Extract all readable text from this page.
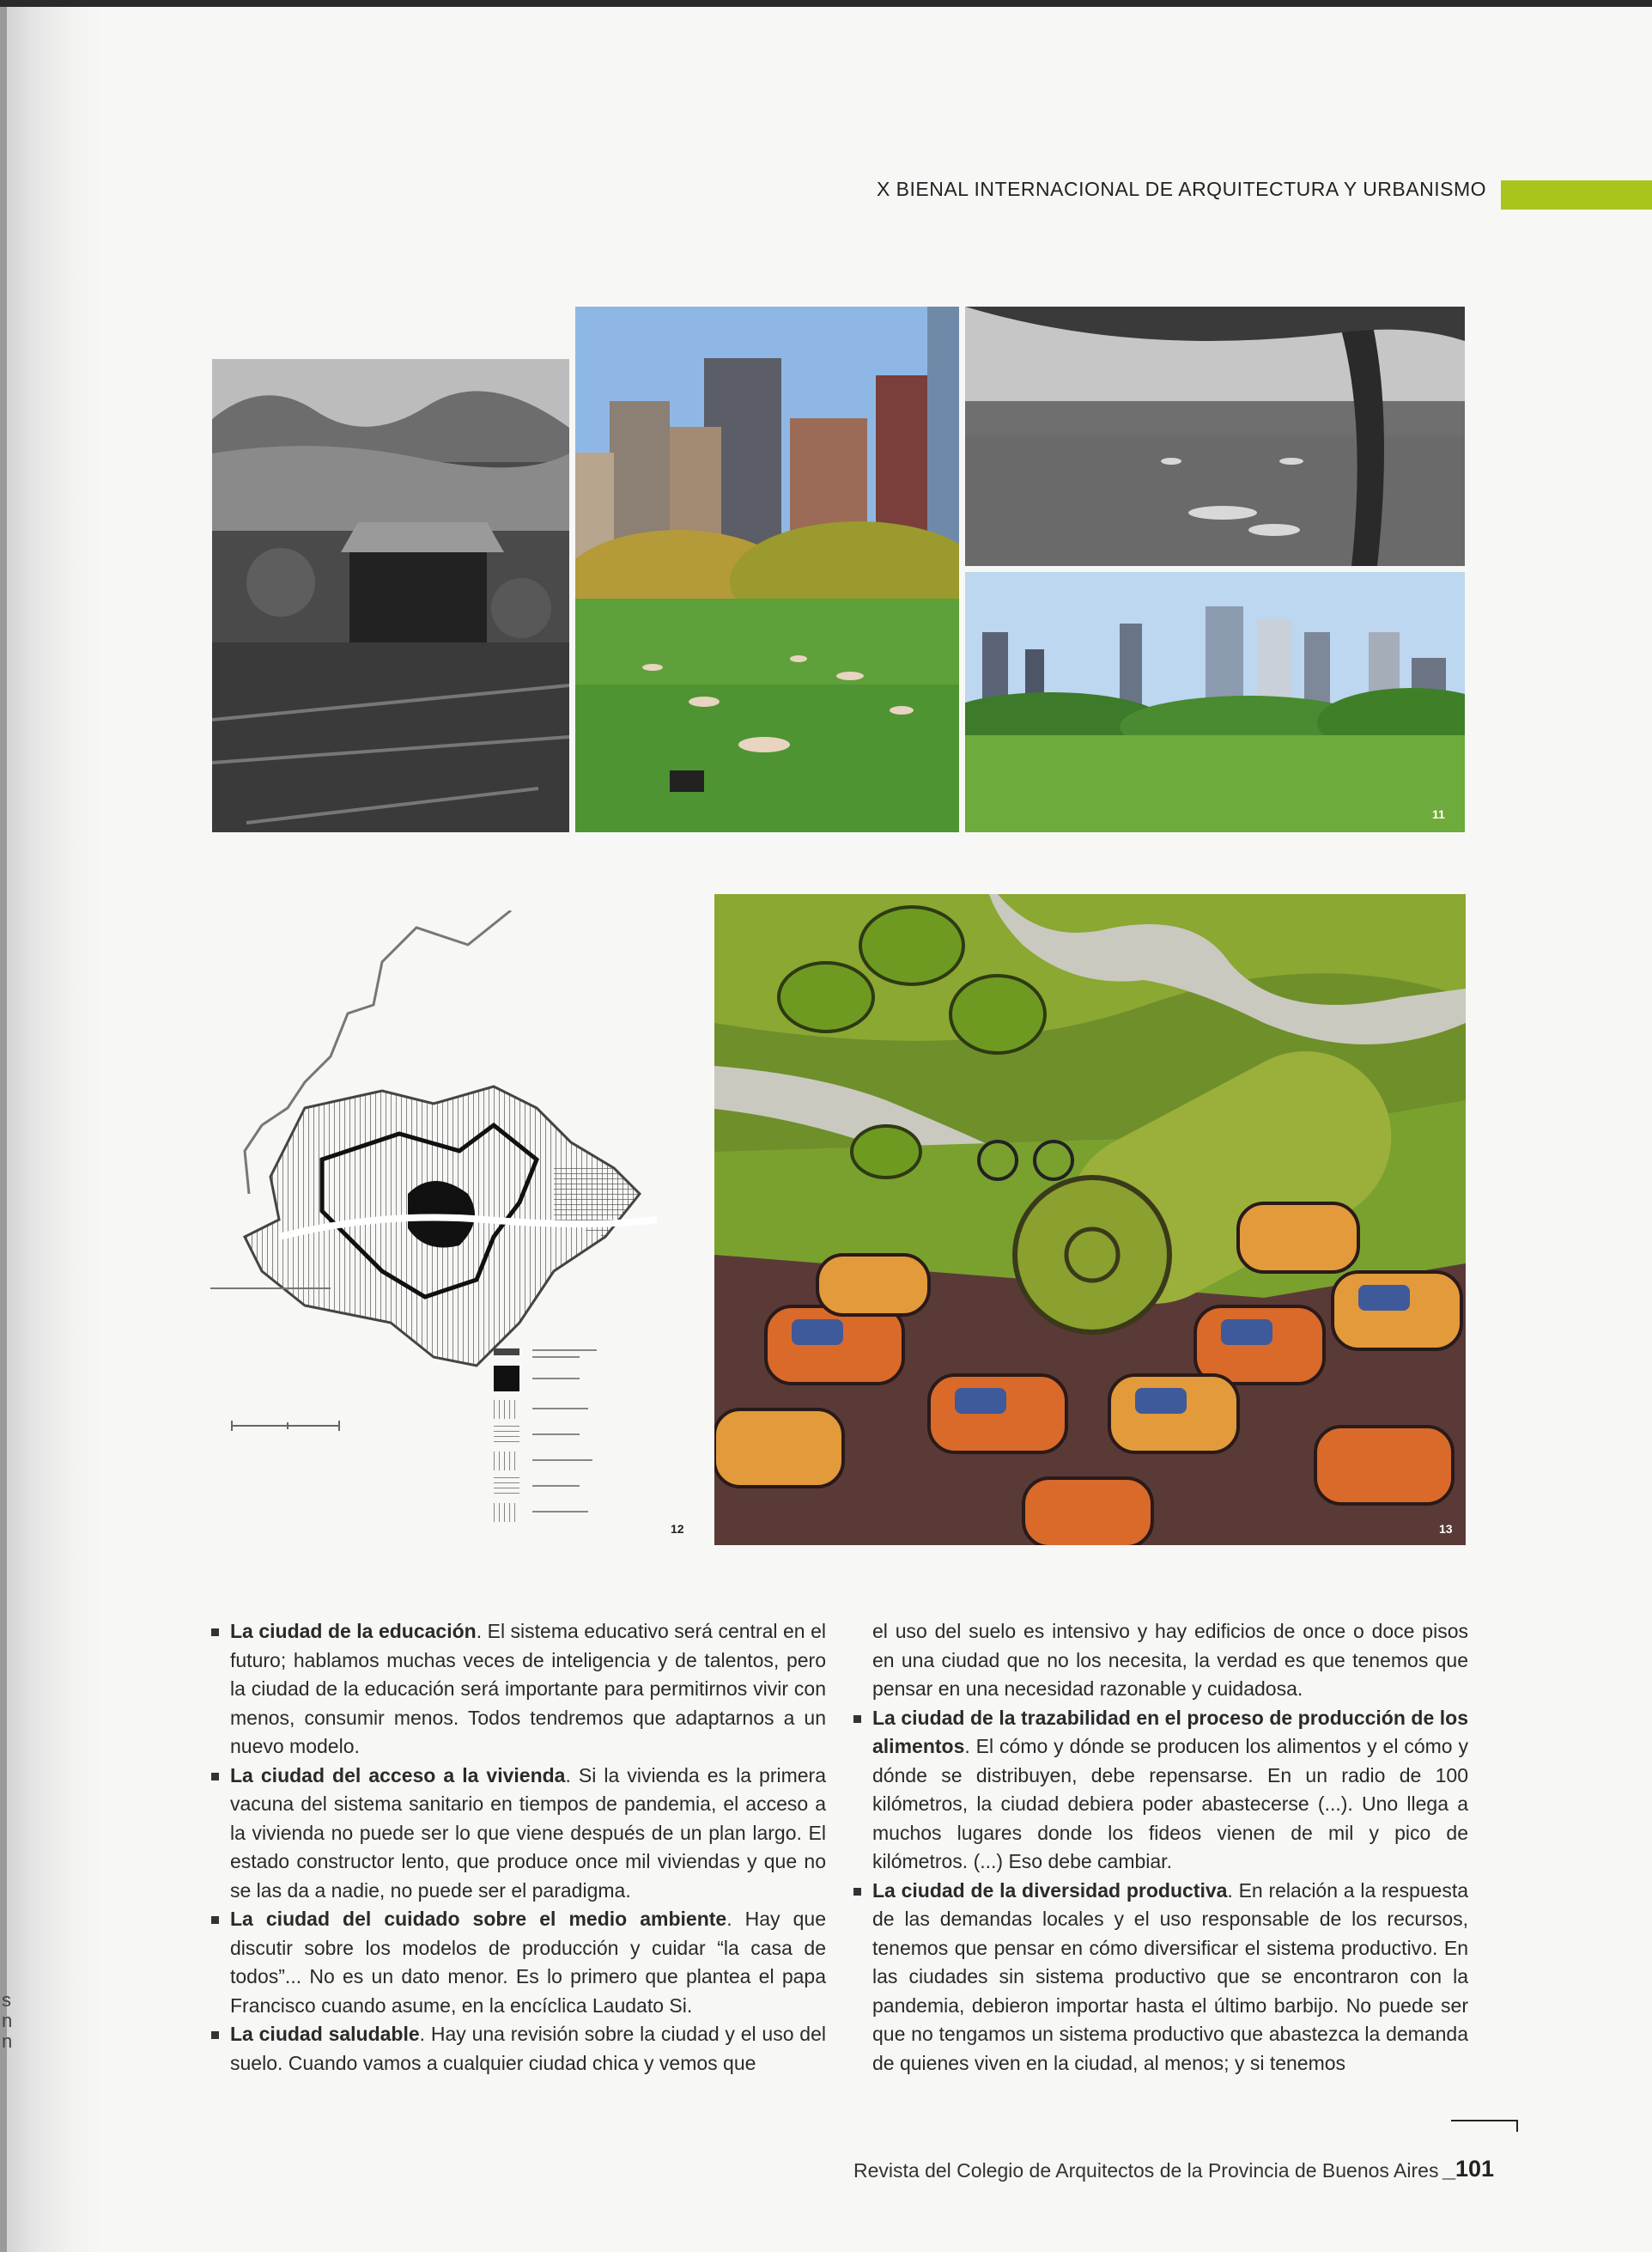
s
n
n
X BIENAL INTERNACIONAL DE ARQUITECTURA Y URBANISMO
11
12	13

La ciudad de la educación. El sistema educativo será central en el futuro; hablamos muchas veces de inteligencia y de talentos, pero la ciudad de la educación será importante para permitirnos vivir con menos, consumir menos. Todos tendremos que adaptarnos a un nuevo modelo.

La ciudad del acceso a la vivienda. Si la vivienda es la primera vacuna del sistema sanitario en tiempos de pandemia, el acceso a la vivienda no puede ser lo que viene después de un plan largo. El estado constructor lento, que produce once mil viviendas y que no se las da a nadie, no puede ser el paradigma.

La ciudad del cuidado sobre el medio ambiente. Hay que discutir sobre los modelos de producción y cuidar “la casa de todos”... No es un dato menor. Es lo primero que plantea el papa Francisco cuando asume, en la encíclica Laudato Si.

La ciudad saludable. Hay una revisión sobre la ciudad y el uso del suelo. Cuando vamos a cualquier ciudad chica y vemos que

el uso del suelo es intensivo y hay edificios de once o doce pisos en una ciudad que no los necesita, la verdad es que tenemos que pensar en una necesidad razonable y cuidadosa.

La ciudad de la trazabilidad en el proceso de producción de los alimentos. El cómo y dónde se producen los alimentos y el cómo y dónde se distribuyen, debe repensarse. En un radio de 100 kilómetros, la ciudad debiera poder abastecerse (...). Uno llega a muchos lugares donde los fideos vienen de mil y pico de kilómetros. (...) Eso debe cambiar.

La ciudad de la diversidad productiva. En relación a la respuesta de las demandas locales y el uso responsable de los recursos, tenemos que pensar en cómo diversificar el sistema productivo. En las ciudades sin sistema productivo que se encontraron con la pandemia, debieron importar hasta el último barbijo. No puede ser que no tengamos un sistema productivo que abastezca la demanda de quienes viven en la ciudad, al menos; y si tenemos

Revista del Colegio de Arquitectos de la Provincia de Buenos Aires _101
